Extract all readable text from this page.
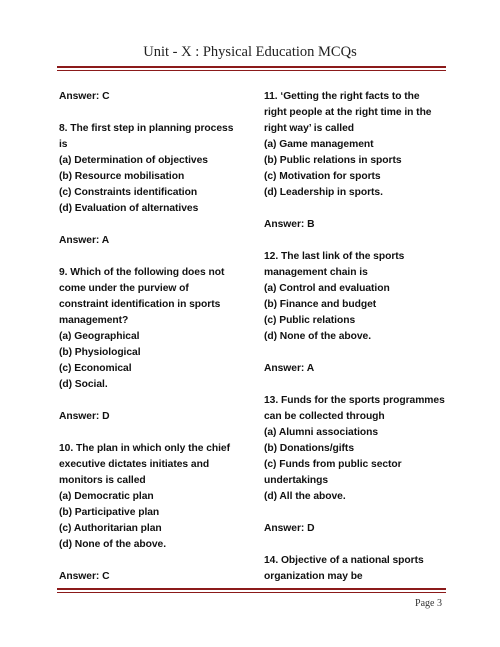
Unit - X : Physical Education MCQs
Answer: C
8. The first step in planning process
is
(a) Determination of objectives
(b) Resource mobilisation
(c) Constraints identification
(d) Evaluation of alternatives
Answer: A
9. Which of the following does not
come under the purview of
constraint identification in sports
management?
(a) Geographical
(b) Physiological
(c) Economical
(d) Social.
Answer: D
10. The plan in which only the chief
executive dictates initiates and
monitors is called
(a) Democratic plan
(b) Participative plan
(c) Authoritarian plan
(d) None of the above.
Answer: C
11. ‘Getting the right facts to the
right people at the right time in the
right way’ is called
(a) Game management
(b) Public relations in sports
(c) Motivation for sports
(d) Leadership in sports.
Answer: B
12. The last link of the sports
management chain is
(a) Control and evaluation
(b) Finance and budget
(c) Public relations
(d) None of the above.
Answer: A
13. Funds for the sports programmes
can be collected through
(a) Alumni associations
(b) Donations/gifts
(c) Funds from public sector
undertakings
(d) All the above.
Answer: D
14. Objective of a national sports
organization may be
Page 3
